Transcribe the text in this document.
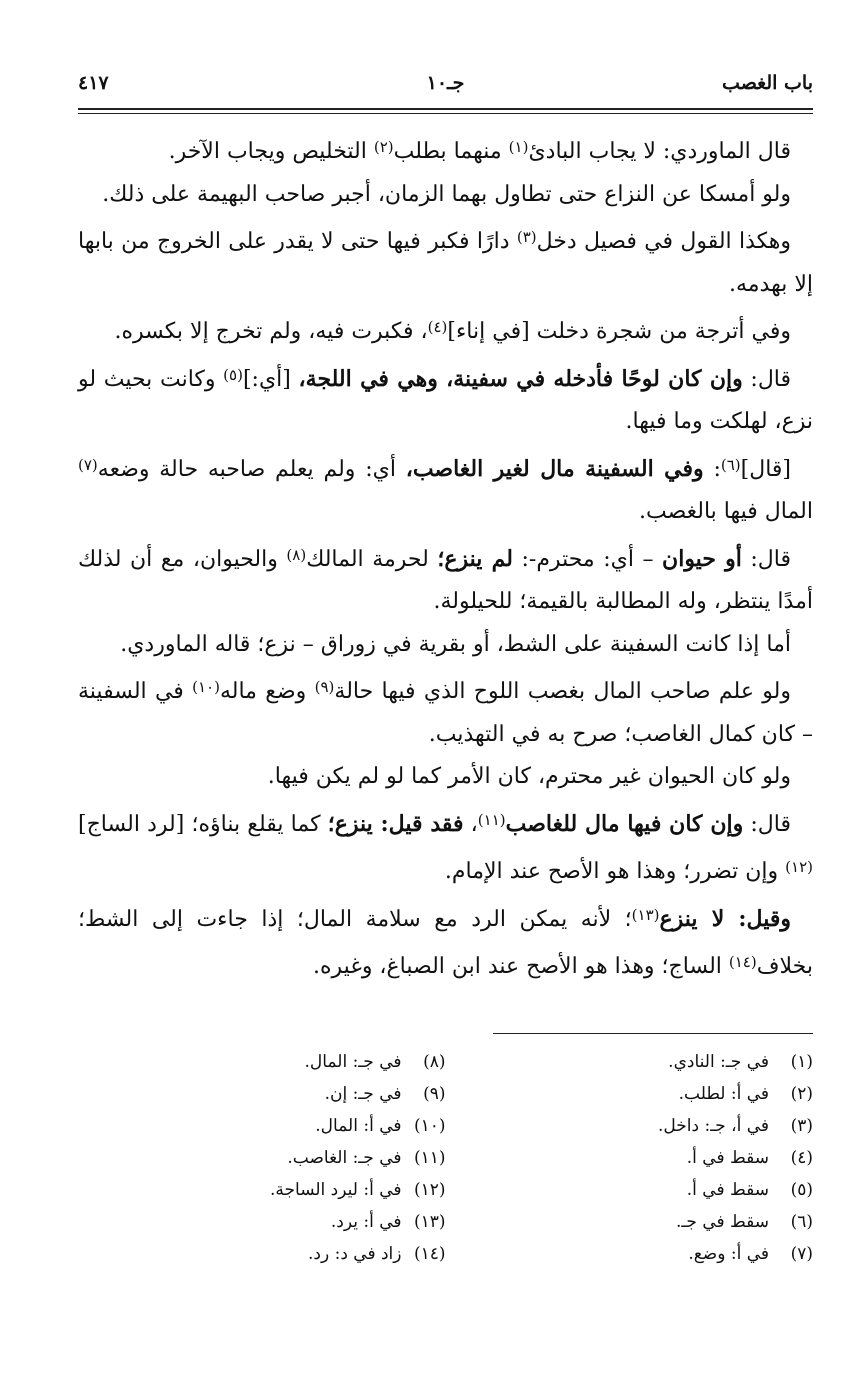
باب الغصب
جـ١٠
٤١٧

قال الماوردي: لا يجاب البادئ$^{(١)}$ منهما بطلب$^{(٢)}$ التخليص ويجاب الآخر.

ولو أمسكا عن النزاع حتى تطاول بهما الزمان، أجبر صاحب البهيمة على ذلك.

وهكذا القول في فصيل دخل$^{(٣)}$ دارًا فكبر فيها حتى لا يقدر على الخروج من بابها إلا بهدمه.

وفي أترجة من شجرة دخلت [في إناء]$^{(٤)}$، فكبرت فيه، ولم تخرج إلا بكسره.

قال: وإن كان لوحًا فأدخله في سفينة، وهي في اللجة، [أي:]$^{(٥)}$ وكانت بحيث لو نزع، لهلكت وما فيها.

[قال]$^{(٦)}$: وفي السفينة مال لغير الغاصب، أي: ولم يعلم صاحبه حالة وضعه$^{(٧)}$ المال فيها بالغصب.

قال: أو حيوان – أي: محترم-: لم ينزع؛ لحرمة المالك$^{(٨)}$ والحيوان، مع أن لذلك أمدًا ينتظر، وله المطالبة بالقيمة؛ للحيلولة.

أما إذا كانت السفينة على الشط، أو بقرية في زوراق – نزع؛ قاله الماوردي.

ولو علم صاحب المال بغصب اللوح الذي فيها حالة$^{(٩)}$ وضع ماله$^{(١٠)}$ في السفينة – كان كمال الغاصب؛ صرح به في التهذيب.

ولو كان الحيوان غير محترم، كان الأمر كما لو لم يكن فيها.

قال: وإن كان فيها مال للغاصب$^{(١١)}$، فقد قيل: ينزع؛ كما يقلع بناؤه؛ [لرد الساج]$^{(١٢)}$ وإن تضرر؛ وهذا هو الأصح عند الإمام.

وقيل: لا ينزع$^{(١٣)}$؛ لأنه يمكن الرد مع سلامة المال؛ إذا جاءت إلى الشط؛ بخلاف$^{(١٤)}$ الساج؛ وهذا هو الأصح عند ابن الصباغ، وغيره.

(١)في جـ: النادي.
(٢)في أ: لطلب.
(٣)في أ، جـ: داخل.
(٤)سقط في أ.
(٥)سقط في أ.
(٦)سقط في جـ.
(٧)في أ: وضع.
(٨)في جـ: المال.
(٩)في جـ: إن.
(١٠)في أ: المال.
(١١)في جـ: الغاصب.
(١٢)في أ: ليرد الساجة.
(١٣)في أ: يرد.
(١٤)زاد في د: رد.
